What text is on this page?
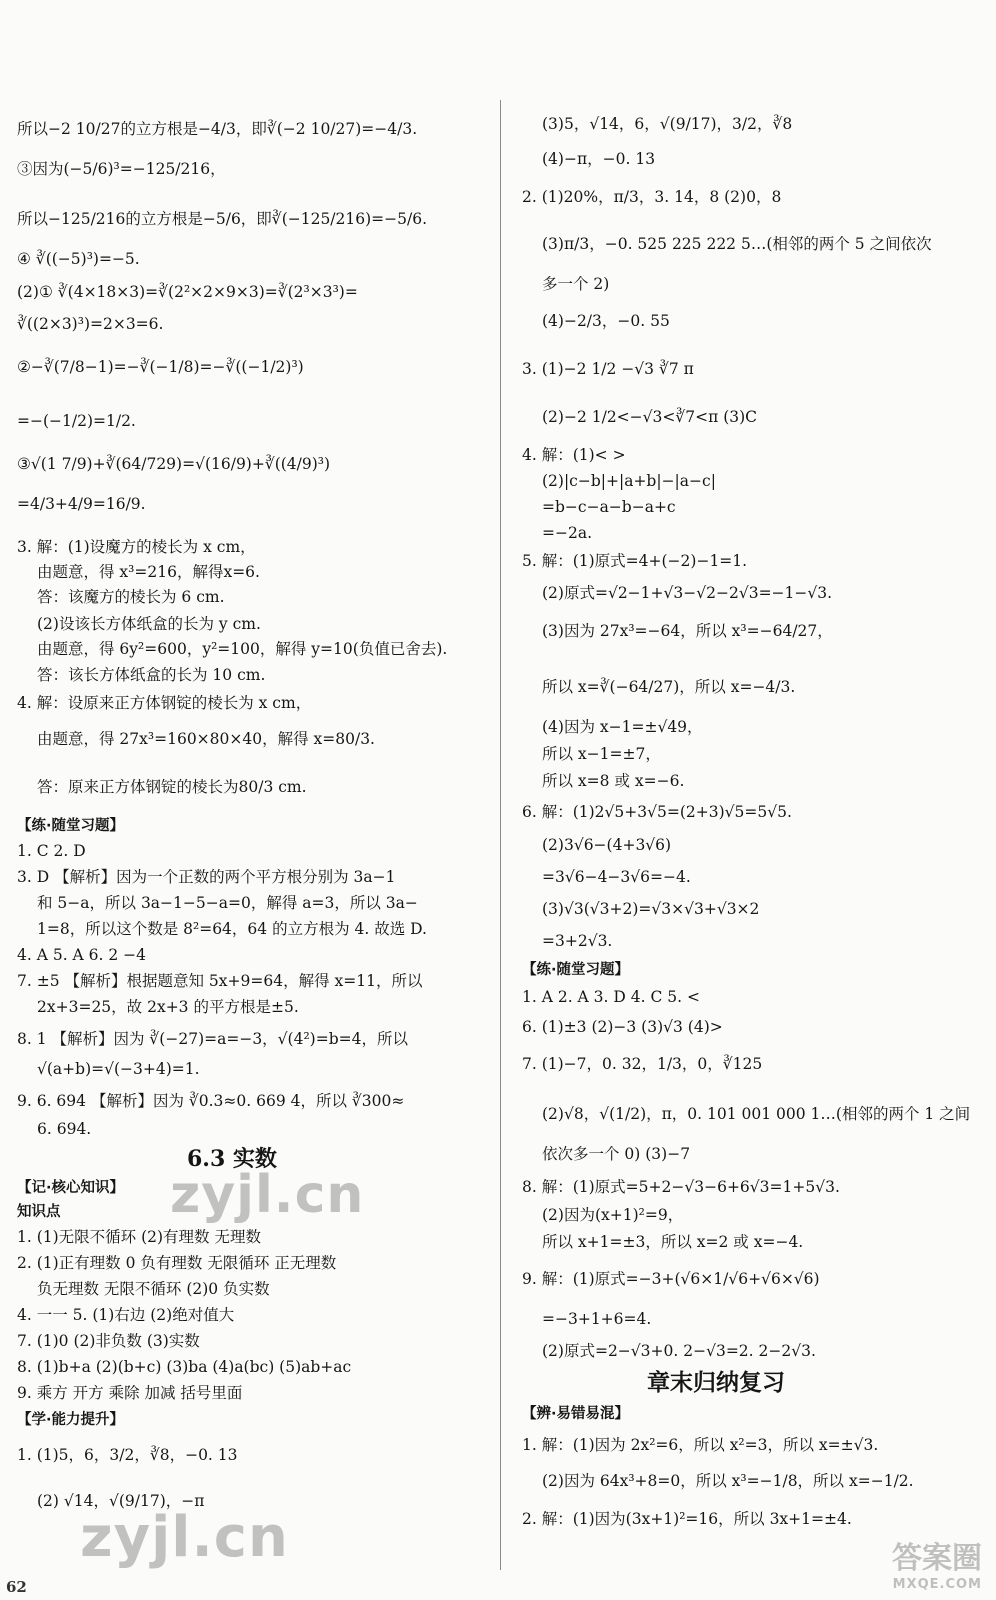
所以−2 10/27的立方根是−4/3，即∛(−2 10/27)=−4/3.
③因为(−5/6)³=−125/216，
所以−125/216的立方根是−5/6，即∛(−125/216)=−5/6.
④ ∛((−5)³)=−5.
(2)① ∛(4×18×3)=∛(2²×2×9×3)=∛(2³×3³)=
∛((2×3)³)=2×3=6.
②−∛(7/8−1)=−∛(−1/8)=−∛((−1/2)³)
=−(−1/2)=1/2.
③√(1 7/9)+∛(64/729)=√(16/9)+∛((4/9)³)
=4/3+4/9=16/9.
3. 解：(1)设魔方的棱长为 x cm，
由题意，得 x³=216，解得x=6.
答：该魔方的棱长为 6 cm.
(2)设该长方体纸盒的长为 y cm.
由题意，得 6y²=600，y²=100，解得 y=10(负值已舍去).
答：该长方体纸盒的长为 10 cm.
4. 解：设原来正方体钢锭的棱长为 x cm，
由题意，得 27x³=160×80×40，解得 x=80/3.
答：原来正方体钢锭的棱长为80/3 cm.
【练·随堂习题】
1. C 2. D
3. D 【解析】因为一个正数的两个平方根分别为 3a−1
和 5−a，所以 3a−1−5−a=0，解得 a=3，所以 3a−
1=8，所以这个数是 8²=64，64 的立方根为 4. 故选 D.
4. A 5. A 6. 2 −4
7. ±5 【解析】根据题意知 5x+9=64，解得 x=11，所以
2x+3=25，故 2x+3 的平方根是±5.
8. 1 【解析】因为 ∛(−27)=a=−3，√(4²)=b=4，所以
√(a+b)=√(−3+4)=1.
9. 6. 694 【解析】因为 ∛0.3≈0. 669 4，所以 ∛300≈
6. 694.
6.3 实数
【记·核心知识】
知识点
1. (1)无限不循环 (2)有理数 无理数
2. (1)正有理数 0 负有理数 无限循环 正无理数
负无理数 无限不循环 (2)0 负实数
4. 一一 5. (1)右边 (2)绝对值大
7. (1)0 (2)非负数 (3)实数
8. (1)b+a (2)(b+c) (3)ba (4)a(bc) (5)ab+ac
9. 乘方 开方 乘除 加减 括号里面
【学·能力提升】
1. (1)5，6，3/2，∛8，−0. 13
(2) √14，√(9/17)，−π
(3)5，√14，6，√(9/17)，3/2，∛8
(4)−π，−0. 13
2. (1)20%，π/3，3. 14，8 (2)0，8
(3)π/3，−0. 525 225 222 5…(相邻的两个 5 之间依次
多一个 2)
(4)−2/3，−0. 55
3. (1)−2 1/2 −√3 ∛7 π
(2)−2 1/2<−√3<∛7<π (3)C
4. 解：(1)< >
(2)|c−b|+|a+b|−|a−c|
=b−c−a−b−a+c
=−2a.
5. 解：(1)原式=4+(−2)−1=1.
(2)原式=√2−1+√3−√2−2√3=−1−√3.
(3)因为 27x³=−64，所以 x³=−64/27，
所以 x=∛(−64/27)，所以 x=−4/3.
(4)因为 x−1=±√49，
所以 x−1=±7，
所以 x=8 或 x=−6.
6. 解：(1)2√5+3√5=(2+3)√5=5√5.
(2)3√6−(4+3√6)
=3√6−4−3√6=−4.
(3)√3(√3+2)=√3×√3+√3×2
=3+2√3.
【练·随堂习题】
1. A 2. A 3. D 4. C 5. <
6. (1)±3 (2)−3 (3)√3 (4)>
7. (1)−7，0. 32，1/3，0，∛125
(2)√8，√(1/2)，π，0. 101 001 000 1…(相邻的两个 1 之间
依次多一个 0) (3)−7
8. 解：(1)原式=5+2−√3−6+6√3=1+5√3.
(2)因为(x+1)²=9，
所以 x+1=±3，所以 x=2 或 x=−4.
9. 解：(1)原式=−3+(√6×1/√6+√6×√6)
=−3+1+6=4.
(2)原式=2−√3+0. 2−√3=2. 2−2√3.
章末归纳复习
【辨·易错易混】
1. 解：(1)因为 2x²=6，所以 x²=3，所以 x=±√3.
(2)因为 64x³+8=0，所以 x³=−1/8，所以 x=−1/2.
2. 解：(1)因为(3x+1)²=16，所以 3x+1=±4.
zyjl.cn
zyjl.cn	答案圈
MXQE.COM
62
